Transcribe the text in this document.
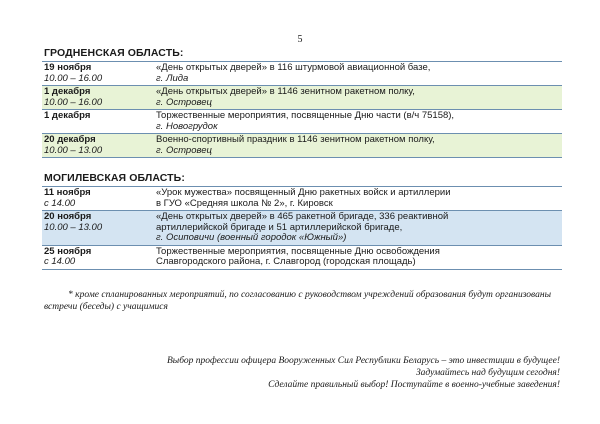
5
ГРОДНЕНСКАЯ ОБЛАСТЬ:
19 ноября
10.00 – 16.00
«День открытых дверей» в 116 штурмовой авиационной базе,
г. Лида
1 декабря
10.00 – 16.00
«День открытых дверей» в 1146 зенитном ракетном полку,
г. Островец
1 декабря	Торжественные мероприятия, посвященные Дню части (в/ч 75158),
г. Новогрудок
20 декабря
10.00 – 13.00
Военно-спортивный праздник в 1146 зенитном ракетном полку,
г. Островец
МОГИЛЕВСКАЯ ОБЛАСТЬ:
11 ноября
с 14.00
«Урок мужества» посвященный Дню ракетных войск и артиллерии
в ГУО «Средняя школа № 2», г. Кировск
20 ноября
10.00 – 13.00
«День открытых дверей» в 465 ракетной бригаде, 336 реактивной
артиллерийской бригаде и 51 артиллерийской бригаде,
г. Осиповичи (военный городок «Южный»)
25 ноября
с 14.00
Торжественные мероприятия, посвященные Дню освобождения
Славгородского района, г. Славгород (городская площадь)
* кроме спланированных мероприятий, по согласованию с руководством учреждений образования будут организованы встречи (беседы) с учащимися
Выбор профессии офицера Вооруженных Сил Республики Беларусь – это инвестиции в будущее!
Задумайтесь над будущим сегодня!
Сделайте правильный выбор! Поступайте в военно-учебные заведения!
